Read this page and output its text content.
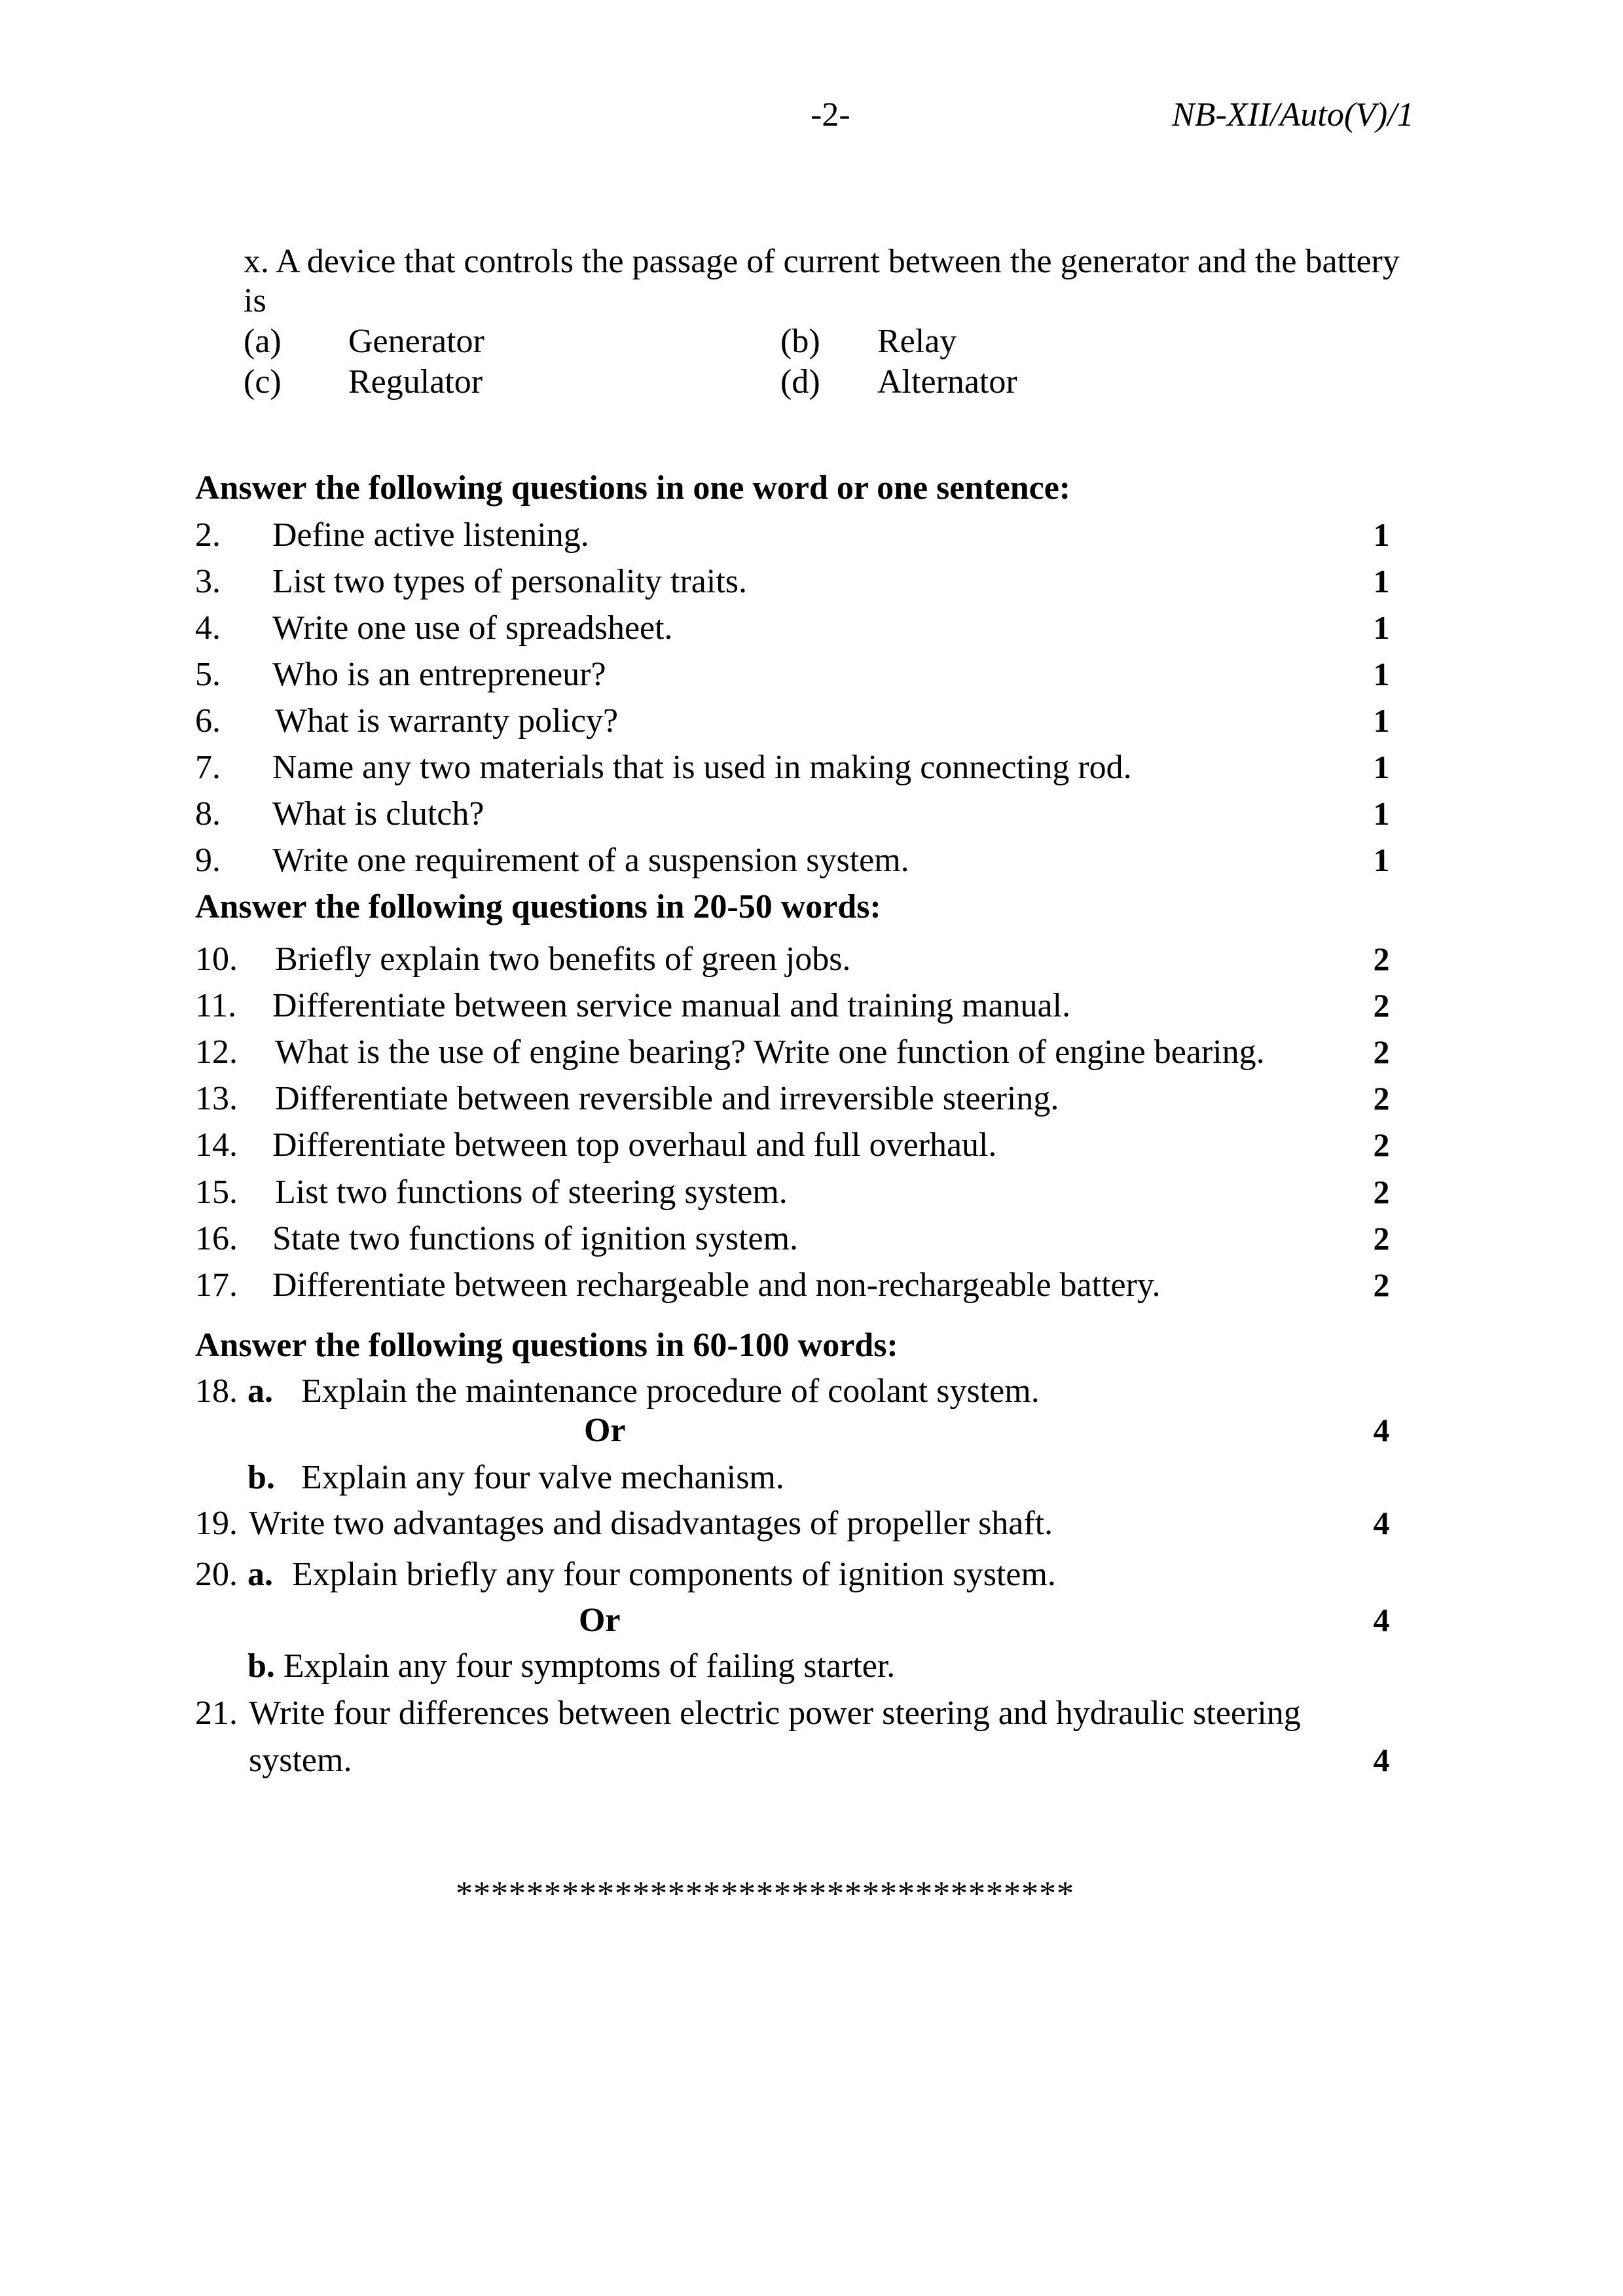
-2-	NB-XII/Auto(V)/1
x. A device that controls the passage of current between the generator and the battery
is
(a) Generator	(b) Relay
(c) Regulator	(d) Alternator
Answer the following questions in one word or one sentence:
2. Define active listening.	1
3. List two types of personality traits.	1
4. Write one use of spreadsheet.	1
5. Who is an entrepreneur?	1
6. What is warranty policy?	1
7. Name any two materials that is used in making connecting rod.	1
8. What is clutch?	1
9. Write one requirement of a suspension system.	1
Answer the following questions in 20-50 words:
10. Briefly explain two benefits of green jobs.	2
11. Differentiate between service manual and training manual.	2
12. What is the use of engine bearing? Write one function of engine bearing.	2
13. Differentiate between reversible and irreversible steering.	2
14. Differentiate between top overhaul and full overhaul.	2
15. List two functions of steering system.	2
16. State two functions of ignition system.	2
17. Differentiate between rechargeable and non-rechargeable battery.	2
Answer the following questions in 60-100 words:
18. a. Explain the maintenance procedure of coolant system.
Or	4
b. Explain any four valve mechanism.
19. Write two advantages and disadvantages of propeller shaft.	4
20. a. Explain briefly any four components of ignition system.
Or	4
b. Explain any four symptoms of failing starter.
21. Write four differences between electric power steering and hydraulic steering
system.	4
***********************************
